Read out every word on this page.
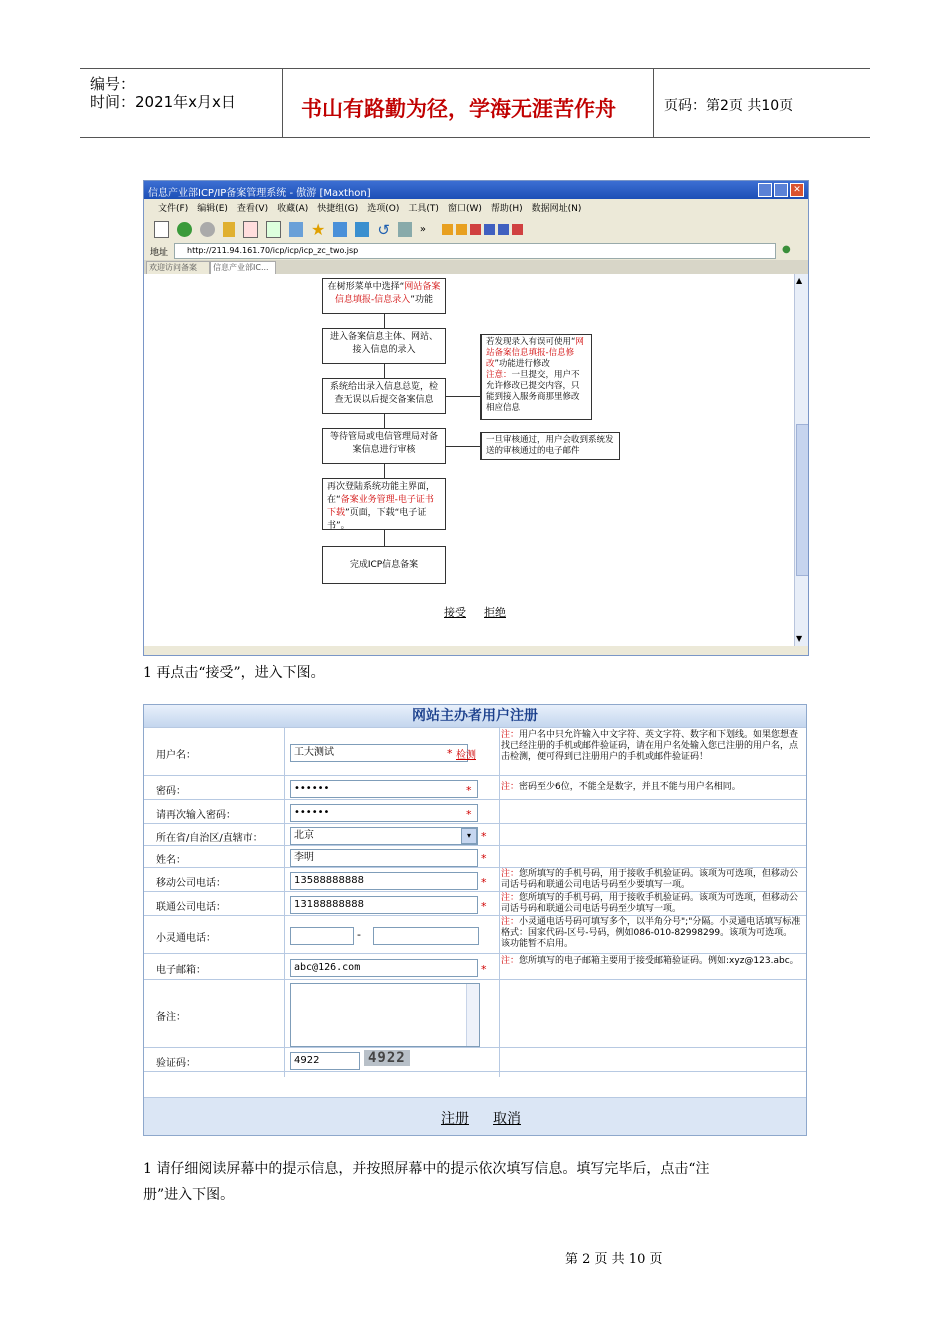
编号：
时间：2021年x月x日	书山有路勤为径，学海无涯苦作舟	页码：第2页 共10页
信息产业部ICP/IP备案管理系统 - 傲游 [Maxthon]	✕
文件(F) 编辑(E) 查看(V) 收藏(A) 快捷组(G) 选项(O) 工具(T) 窗口(W) 帮助(H) 数据网址(N)
★	↺	»
地址 http://211.94.161.70/icp/icp/icp_zc_two.jsp	●
欢迎访问备案	信息产业部IC...
在树形菜单中选择“网站备案信息填报-信息录入”功能
进入备案信息主体、网站、接入信息的录入
系统给出录入信息总览，检查无误以后提交备案信息
等待管局或电信管理局对备案信息进行审核
再次登陆系统功能主界面，在“备案业务管理-电子证书下载”页面，下载“电子证书”。
完成ICP信息备案
若发现录入有误可使用“网站备案信息填报-信息修改”功能进行修改
注意：一旦提交，用户不允许修改已提交内容，只能到接入服务商那里修改相应信息
一旦审核通过，用户会收到系统发送的审核通过的电子邮件
接受 拒绝
▲
▼
1 再点击“接受”，进入下图。
网站主办者用户注册
用户名：	工大测试	* 检测
注：用户名中只允许输入中文字符、英文字符、数字和下划线。如果您想查找已经注册的手机或邮件验证码，请在用户名处输入您已注册的用户名，点击检测，便可得到已注册用户的手机或邮件验证码！
密码：	••••••	*	注：密码至少6位，不能全是数字，并且不能与用户名相同。
请再次输入密码：	••••••	*
所在省/自治区/直辖市：	北京	▾ *
姓名：	李明	*
移动公司电话：	13588888888	*
注：您所填写的手机号码，用于接收手机验证码。该项为可选项，但移动公司话号码和联通公司电话号码至少要填写一项。
联通公司电话：	13188888888	*
注：您所填写的手机号码，用于接收手机验证码。该项为可选项，但移动公司话号码和联通公司电话号码至少填写一项。
小灵通电话：	-
注：小灵通电话号码可填写多个，以半角分号";"分隔。小灵通电话填写标准格式：国家代码-区号-号码，例如086-010-82998299。该项为可选项。该功能暂不启用。
电子邮箱：	abc@126.com	*
注：您所填写的电子邮箱主要用于接受邮箱验证码。例如:xyz@123.abc。
备注：
验证码：	4922	4922
注册 取消
1 请仔细阅读屏幕中的提示信息，并按照屏幕中的提示依次填写信息。填写完毕后，点击“注
册”进入下图。
第 2 页 共 10 页
